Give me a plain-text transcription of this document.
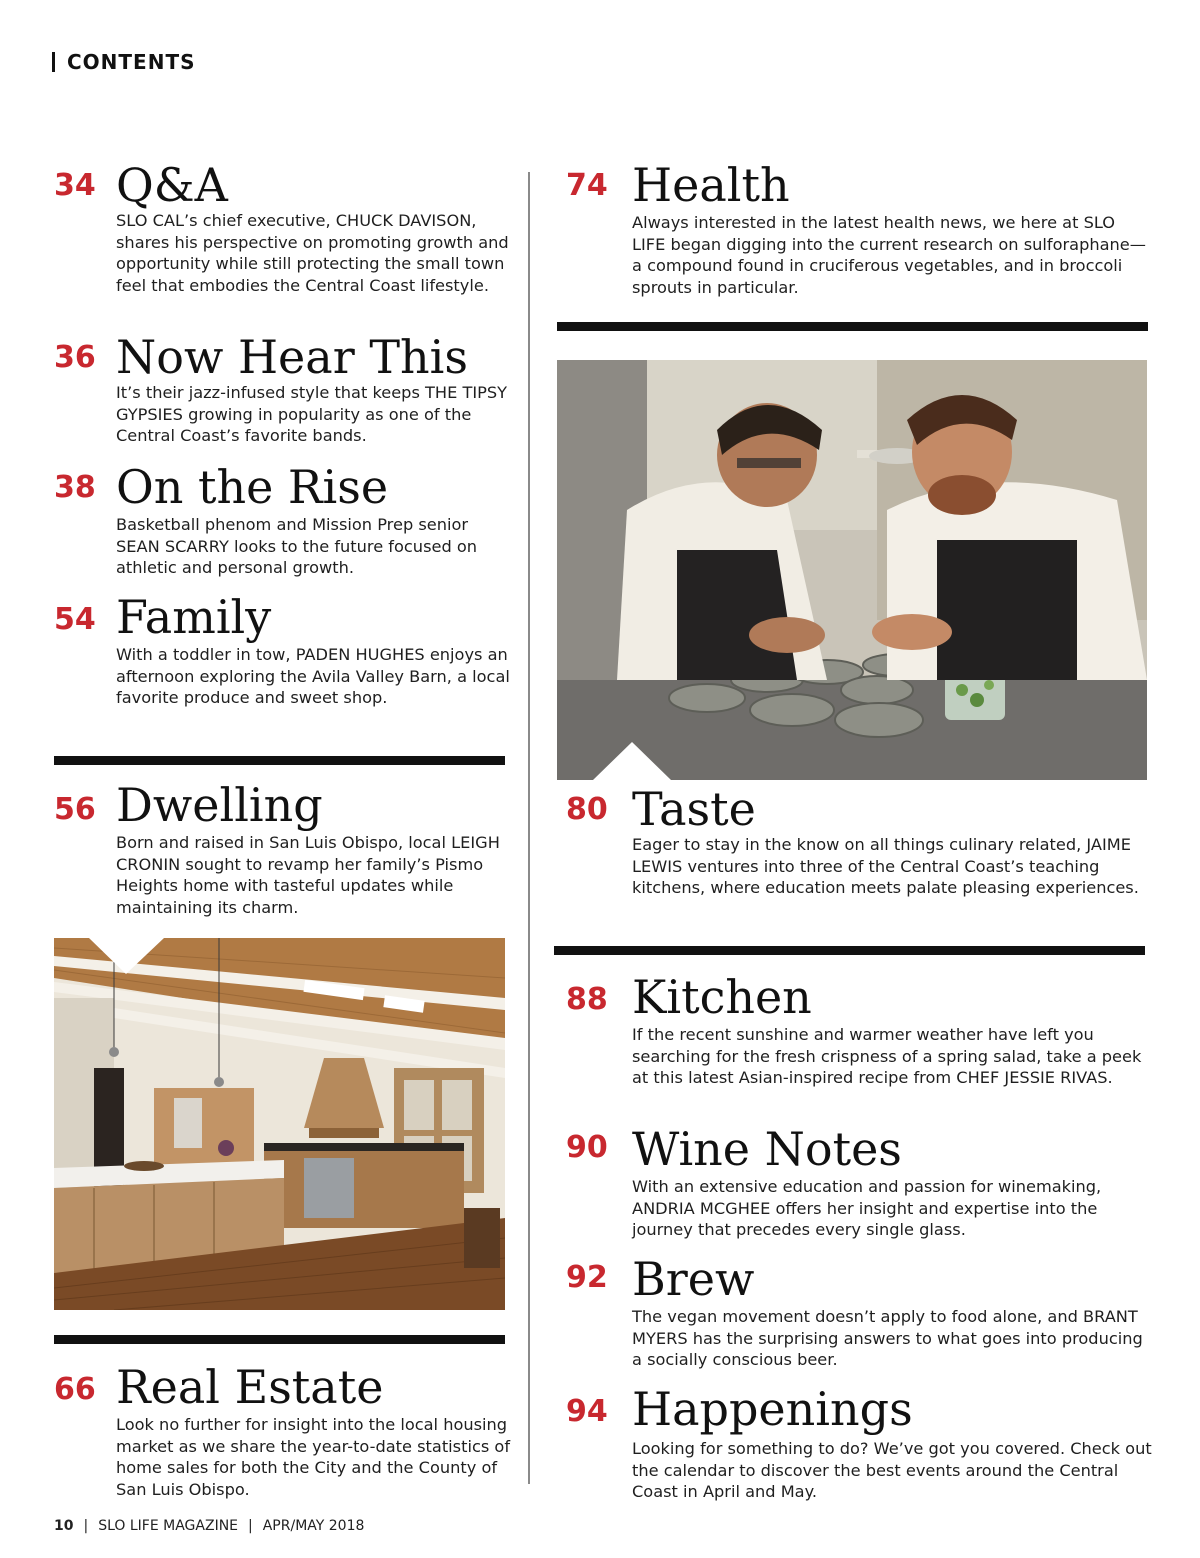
CONTENTS
34 Q&A
SLO CAL’s chief executive, CHUCK DAVISON, shares his perspective on promoting growth and opportunity while still protecting the small town feel that embodies the Central Coast lifestyle.
36 Now Hear This
It’s their jazz-infused style that keeps THE TIPSY GYPSIES growing in popularity as one of the Central Coast’s favorite bands.
38 On the Rise
Basketball phenom and Mission Prep senior SEAN SCARRY looks to the future focused on athletic and personal growth.
54 Family
With a toddler in tow, PADEN HUGHES enjoys an afternoon exploring the Avila Valley Barn, a local favorite produce and sweet shop.
56 Dwelling
Born and raised in San Luis Obispo, local LEIGH CRONIN sought to revamp her family’s Pismo Heights home with tasteful updates while maintaining its charm.
66 Real Estate
Look no further for insight into the local housing market as we share the year-to-date statistics of home sales for both the City and the County of San Luis Obispo.
74 Health
Always interested in the latest health news, we here at SLO LIFE began digging into the current research on sulforaphane—a compound found in cruciferous vegetables, and in broccoli sprouts in particular.
80 Taste
Eager to stay in the know on all things culinary related, JAIME LEWIS ventures into three of the Central Coast’s teaching kitchens, where education meets palate pleasing experiences.
88 Kitchen
If the recent sunshine and warmer weather have left you searching for the fresh crispness of a spring salad, take a peek at this latest Asian-inspired recipe from CHEF JESSIE RIVAS.
90 Wine Notes
With an extensive education and passion for winemaking, ANDRIA MCGHEE offers her insight and expertise into the journey that precedes every single glass.
92 Brew
The vegan movement doesn’t apply to food alone, and BRANT MYERS has the surprising answers to what goes into producing a socially conscious beer.
94 Happenings
Looking for something to do? We’ve got you covered. Check out the calendar to discover the best events around the Central Coast in April and May.
10 | SLO LIFE MAGAZINE | APR/MAY 2018
